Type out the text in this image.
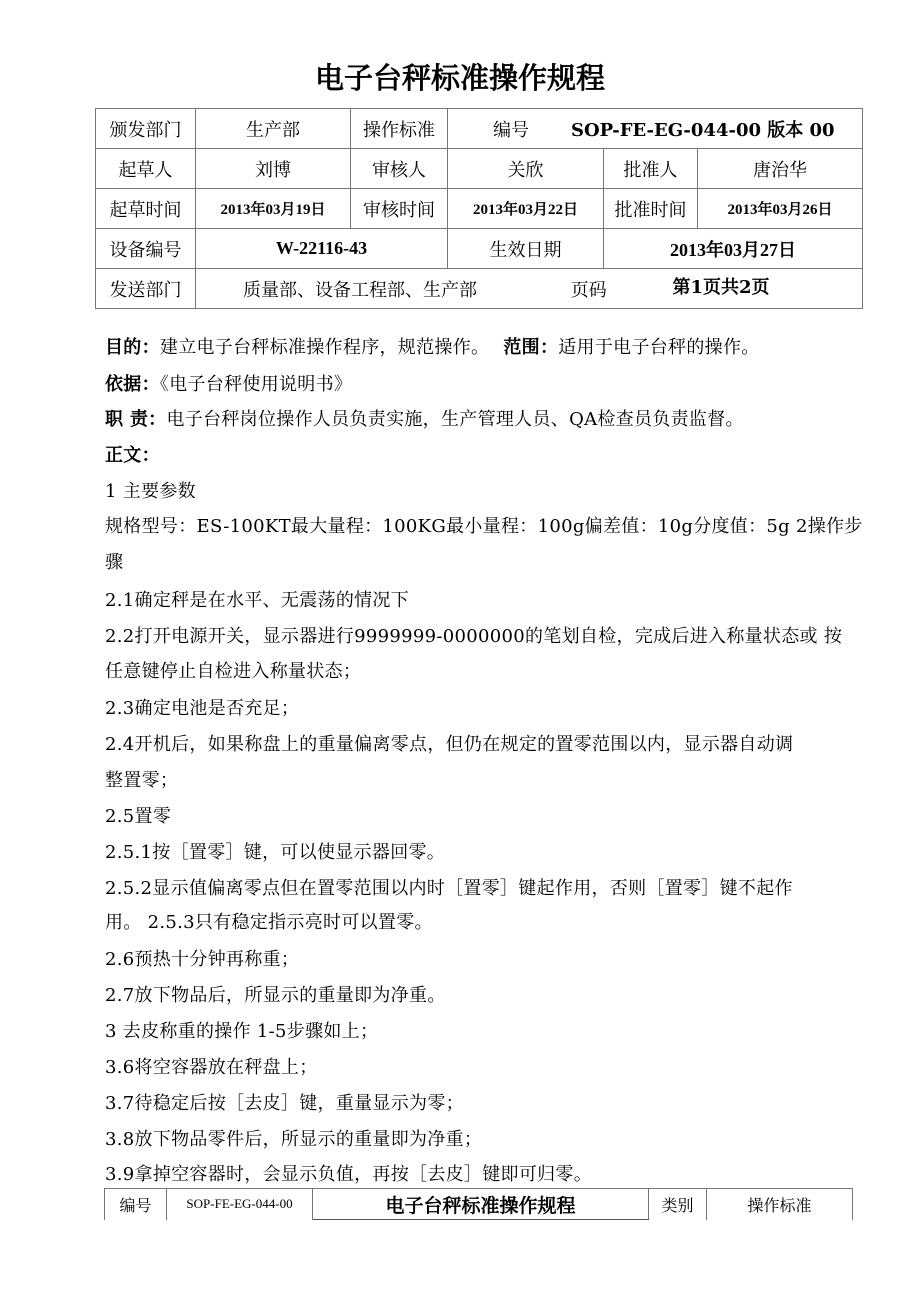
电子台秤标准操作规程
颁发部门	生产部	操作标准	编号 SOP-FE-EG-044-00 版本 00		
起草人	刘博	审核人	关欣	批准人	唐治华
起草时间	2013年03月19日	审核时间	2013年03月22日	批准时间	2013年03月26日
设备编号	W-22116-43		生效日期	2013年03月27日	
发送部门	质量部、设备工程部、生产部 页码 第1页共2页				
目的：建立电子台秤标准操作程序，规范操作。 范围：适用于电子台秤的操作。
依据：《电子台秤使用说明书》
职 责：电子台秤岗位操作人员负责实施，生产管理人员、QA检查员负责监督。
正文：
1 主要参数
规格型号：ES-100KT最大量程：100KG最小量程：100g偏差值：10g分度值：5g 2操作步
骤
2.1确定秤是在水平、无震荡的情况下
2.2打开电源开关，显示器进行9999999-0000000的笔划自检，完成后进入称量状态或 按
任意键停止自检进入称量状态；
2.3确定电池是否充足；
2.4开机后，如果称盘上的重量偏离零点，但仍在规定的置零范围以内，显示器自动调
整置零；
2.5置零
2.5.1按［置零］键，可以使显示器回零。
2.5.2显示值偏离零点但在置零范围以内时［置零］键起作用，否则［置零］键不起作
用。 2.5.3只有稳定指示亮时可以置零。
2.6预热十分钟再称重；
2.7放下物品后，所显示的重量即为净重。
3 去皮称重的操作 1-5步骤如上；
3.6将空容器放在秤盘上；
3.7待稳定后按［去皮］键，重量显示为零；
3.8放下物品零件后，所显示的重量即为净重；
3.9拿掉空容器时，会显示负值，再按［去皮］键即可归零。
编号	SOP-FE-EG-044-00	电子台秤标准操作规程	类别	操作标准
